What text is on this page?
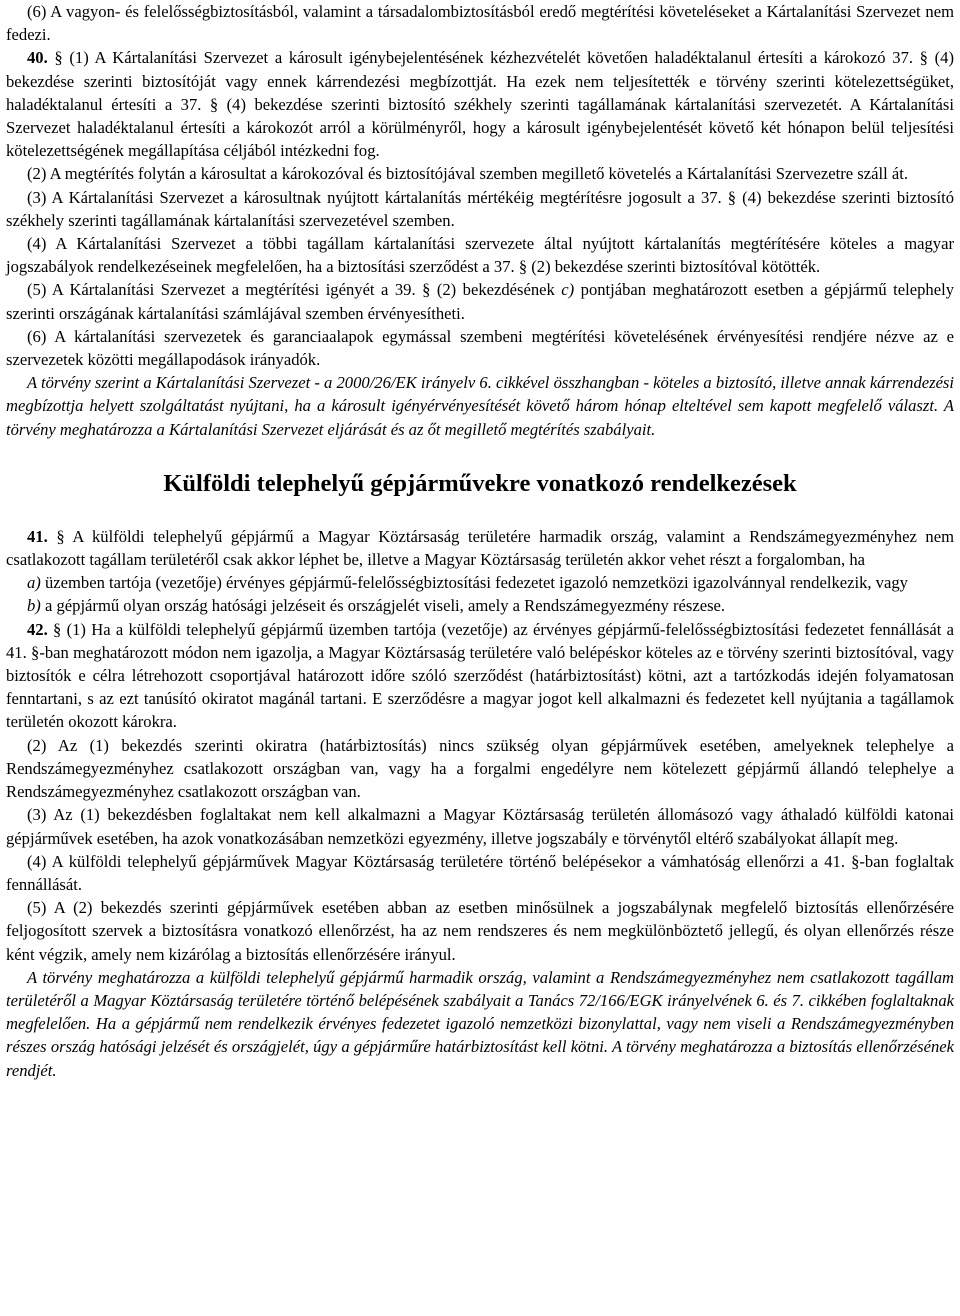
(6) A vagyon- és felelősségbiztosításból, valamint a társadalombiztosításból eredő megtérítési követeléseket a Kártalanítási Szervezet nem fedezi.

40. § (1) A Kártalanítási Szervezet a károsult igénybejelentésének kézhezvételét követően haladéktalanul értesíti a károkozó 37. § (4) bekezdése szerinti biztosítóját vagy ennek kárrendezési megbízottját. Ha ezek nem teljesítették e törvény szerinti kötelezettségüket, haladéktalanul értesíti a 37. § (4) bekezdése szerinti biztosító székhely szerinti tagállamának kártalanítási szervezetét. A Kártalanítási Szervezet haladéktalanul értesíti a károkozót arról a körülményről, hogy a károsult igénybejelentését követő két hónapon belül teljesítési kötelezettségének megállapítása céljából intézkedni fog.

(2) A megtérítés folytán a károsultat a károkozóval és biztosítójával szemben megillető követelés a Kártalanítási Szervezetre száll át.

(3) A Kártalanítási Szervezet a károsultnak nyújtott kártalanítás mértékéig megtérítésre jogosult a 37. § (4) bekezdése szerinti biztosító székhely szerinti tagállamának kártalanítási szervezetével szemben.

(4) A Kártalanítási Szervezet a többi tagállam kártalanítási szervezete által nyújtott kártalanítás megtérítésére köteles a magyar jogszabályok rendelkezéseinek megfelelően, ha a biztosítási szerződést a 37. § (2) bekezdése szerinti biztosítóval kötötték.

(5) A Kártalanítási Szervezet a megtérítési igényét a 39. § (2) bekezdésének c) pontjában meghatározott esetben a gépjármű telephely szerinti országának kártalanítási számlájával szemben érvényesítheti.

(6) A kártalanítási szervezetek és garanciaalapok egymással szembeni megtérítési követelésének érvényesítési rendjére nézve az e szervezetek közötti megállapodások irányadók.

A törvény szerint a Kártalanítási Szervezet - a 2000/26/EK irányelv 6. cikkével összhangban - köteles a biztosító, illetve annak kárrendezési megbízottja helyett szolgáltatást nyújtani, ha a károsult igényérvényesítését követő három hónap elteltével sem kapott megfelelő választ. A törvény meghatározza a Kártalanítási Szervezet eljárását és az őt megillető megtérítés szabályait.

Külföldi telephelyű gépjárművekre vonatkozó rendelkezések

41. § A külföldi telephelyű gépjármű a Magyar Köztársaság területére harmadik ország, valamint a Rendszámegyezményhez nem csatlakozott tagállam területéről csak akkor léphet be, illetve a Magyar Köztársaság területén akkor vehet részt a forgalomban, ha

a) üzemben tartója (vezetője) érvényes gépjármű-felelősségbiztosítási fedezetet igazoló nemzetközi igazolvánnyal rendelkezik, vagy

b) a gépjármű olyan ország hatósági jelzéseit és országjelét viseli, amely a Rendszámegyezmény részese.

42. § (1) Ha a külföldi telephelyű gépjármű üzemben tartója (vezetője) az érvényes gépjármű-felelősségbiztosítási fedezetet fennállását a 41. §-ban meghatározott módon nem igazolja, a Magyar Köztársaság területére való belépéskor köteles az e törvény szerinti biztosítóval, vagy biztosítók e célra létrehozott csoportjával határozott időre szóló szerződést (határbiztosítást) kötni, azt a tartózkodás idején folyamatosan fenntartani, s az ezt tanúsító okiratot magánál tartani. E szerződésre a magyar jogot kell alkalmazni és fedezetet kell nyújtania a tagállamok területén okozott károkra.

(2) Az (1) bekezdés szerinti okiratra (határbiztosítás) nincs szükség olyan gépjárművek esetében, amelyeknek telephelye a Rendszámegyezményhez csatlakozott országban van, vagy ha a forgalmi engedélyre nem kötelezett gépjármű állandó telephelye a Rendszámegyezményhez csatlakozott országban van.

(3) Az (1) bekezdésben foglaltakat nem kell alkalmazni a Magyar Köztársaság területén állomásozó vagy áthaladó külföldi katonai gépjárművek esetében, ha azok vonatkozásában nemzetközi egyezmény, illetve jogszabály e törvénytől eltérő szabályokat állapít meg.

(4) A külföldi telephelyű gépjárművek Magyar Köztársaság területére történő belépésekor a vámhatóság ellenőrzi a 41. §-ban foglaltak fennállását.

(5) A (2) bekezdés szerinti gépjárművek esetében abban az esetben minősülnek a jogszabálynak megfelelő biztosítás ellenőrzésére feljogosított szervek a biztosításra vonatkozó ellenőrzést, ha az nem rendszeres és nem megkülönböztető jellegű, és olyan ellenőrzés része ként végzik, amely nem kizárólag a biztosítás ellenőrzésére irányul.

A törvény meghatározza a külföldi telephelyű gépjármű harmadik ország, valamint a Rendszámegyezményhez nem csatlakozott tagállam területéről a Magyar Köztársaság területére történő belépésének szabályait a Tanács 72/166/EGK irányelvének 6. és 7. cikkében foglaltaknak megfelelően. Ha a gépjármű nem rendelkezik érvényes fedezetet igazoló nemzetközi bizonylattal, vagy nem viseli a Rendszámegyezményben részes ország hatósági jelzését és országjelét, úgy a gépjárműre határbiztosítást kell kötni. A törvény meghatározza a biztosítás ellenőrzésének rendjét.
